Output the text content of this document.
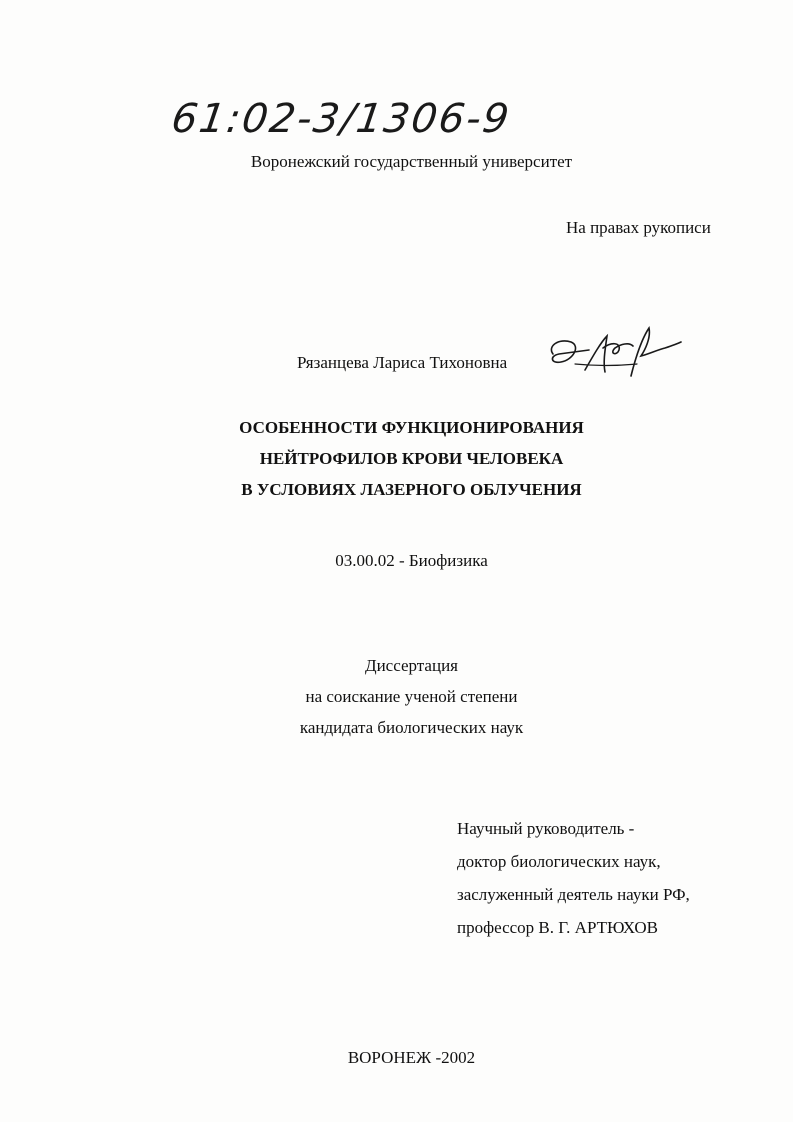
61:02-3/1306-9
Воронежский государственный университет
На правах рукописи
Рязанцева Лариса Тихоновна
ОСОБЕННОСТИ ФУНКЦИОНИРОВАНИЯ
НЕЙТРОФИЛОВ КРОВИ ЧЕЛОВЕКА
В УСЛОВИЯХ ЛАЗЕРНОГО ОБЛУЧЕНИЯ
03.00.02 - Биофизика
Диссертация
на соискание ученой степени
кандидата биологических наук
Научный руководитель -
доктор биологических наук,
заслуженный деятель науки РФ,
профессор В. Г. АРТЮХОВ
ВОРОНЕЖ -2002
